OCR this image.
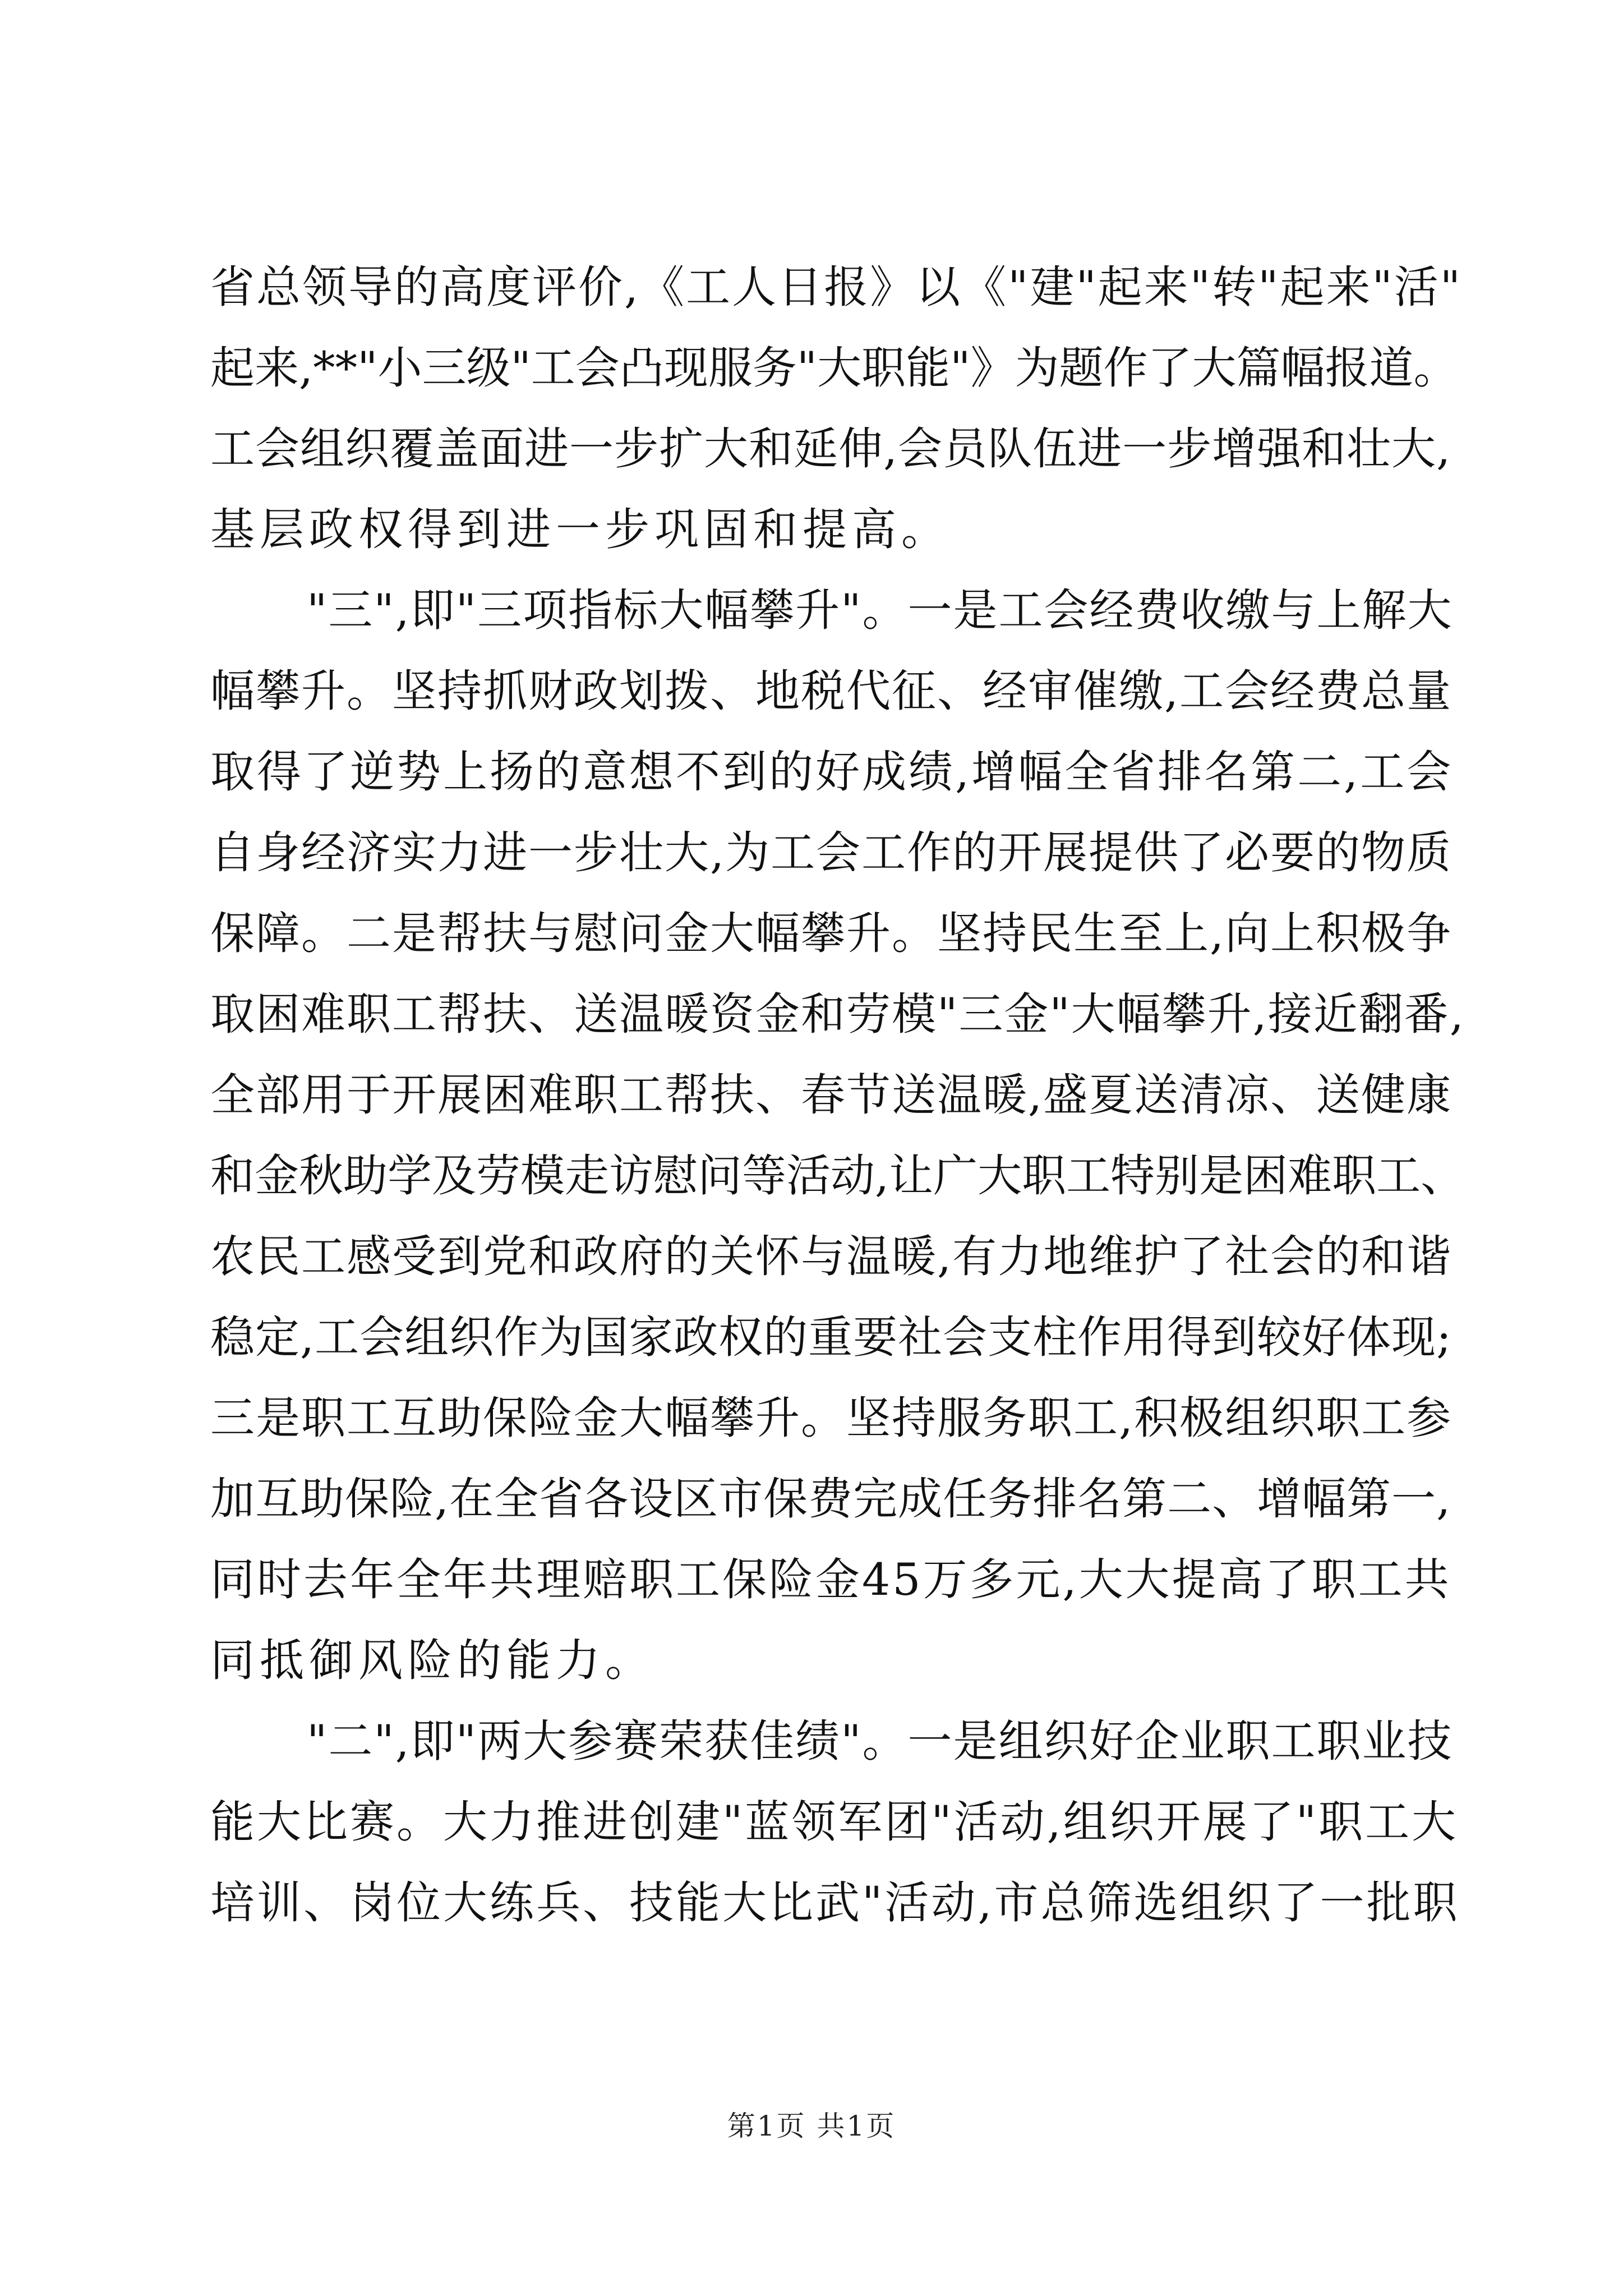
省总领导的高度评价,《工人日报》以《"建"起来"转"起来"活"
起来,**"小三级"工会凸现服务"大职能"》为题作了大篇幅报道。
工会组织覆盖面进一步扩大和延伸,会员队伍进一步增强和壮大,
基层政权得到进一步巩固和提高。
"三",即"三项指标大幅攀升"。一是工会经费收缴与上解大
幅攀升。坚持抓财政划拨、地税代征、经审催缴,工会经费总量
取得了逆势上扬的意想不到的好成绩,增幅全省排名第二,工会
自身经济实力进一步壮大,为工会工作的开展提供了必要的物质
保障。二是帮扶与慰问金大幅攀升。坚持民生至上,向上积极争
取困难职工帮扶、送温暖资金和劳模"三金"大幅攀升,接近翻番,
全部用于开展困难职工帮扶、春节送温暖,盛夏送清凉、送健康
和金秋助学及劳模走访慰问等活动,让广大职工特别是困难职工、
农民工感受到党和政府的关怀与温暖,有力地维护了社会的和谐
稳定,工会组织作为国家政权的重要社会支柱作用得到较好体现;
三是职工互助保险金大幅攀升。坚持服务职工,积极组织职工参
加互助保险,在全省各设区市保费完成任务排名第二、增幅第一,
同时去年全年共理赔职工保险金45万多元,大大提高了职工共
同抵御风险的能力。
"二",即"两大参赛荣获佳绩"。一是组织好企业职工职业技
能大比赛。大力推进创建"蓝领军团"活动,组织开展了"职工大
培训、岗位大练兵、技能大比武"活动,市总筛选组织了一批职
第1页 共1页
